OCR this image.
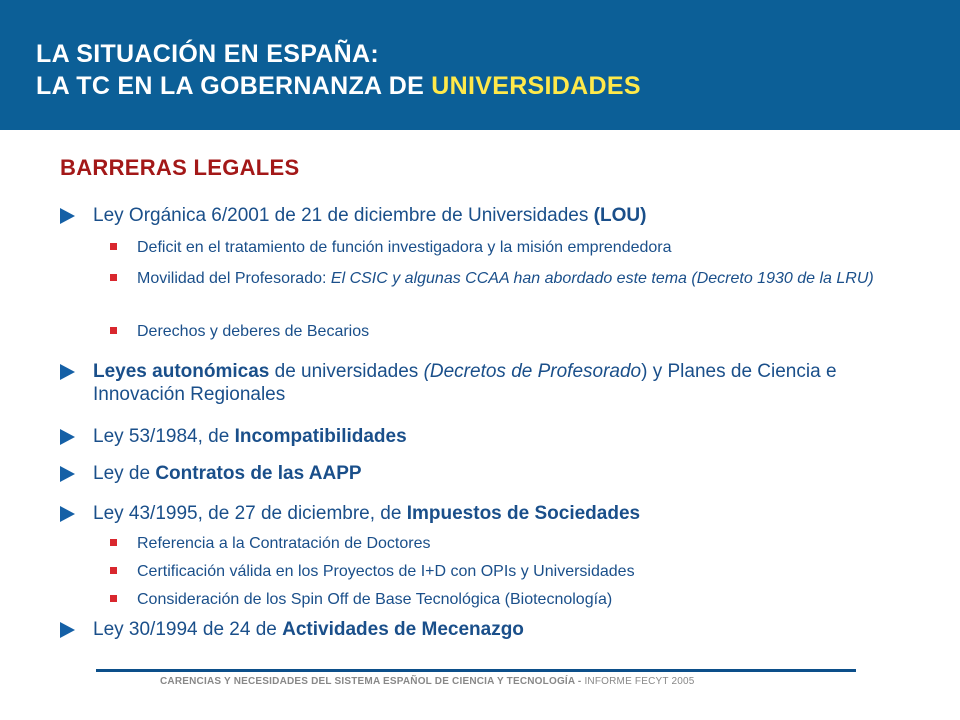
LA SITUACIÓN EN ESPAÑA:
LA TC EN LA GOBERNANZA DE UNIVERSIDADES
BARRERAS LEGALES
Ley Orgánica 6/2001 de 21 de diciembre de Universidades (LOU)
Deficit en el tratamiento de función investigadora y la misión emprendedora
Movilidad del Profesorado: El CSIC y algunas CCAA han abordado este tema (Decreto 1930 de la LRU)
Derechos y deberes de Becarios
Leyes autonómicas de universidades (Decretos de Profesorado) y Planes de Ciencia e Innovación Regionales
Ley 53/1984, de Incompatibilidades
Ley de Contratos de las AAPP
Ley 43/1995, de 27 de diciembre, de Impuestos de Sociedades
Referencia a la Contratación de Doctores
Certificación válida en los Proyectos de I+D con OPIs y Universidades
Consideración de los Spin Off de Base Tecnológica (Biotecnología)
Ley 30/1994 de 24 de Actividades de Mecenazgo
CARENCIAS Y NECESIDADES DEL SISTEMA ESPAÑOL DE CIENCIA Y TECNOLOGÍA - INFORME FECYT 2005
